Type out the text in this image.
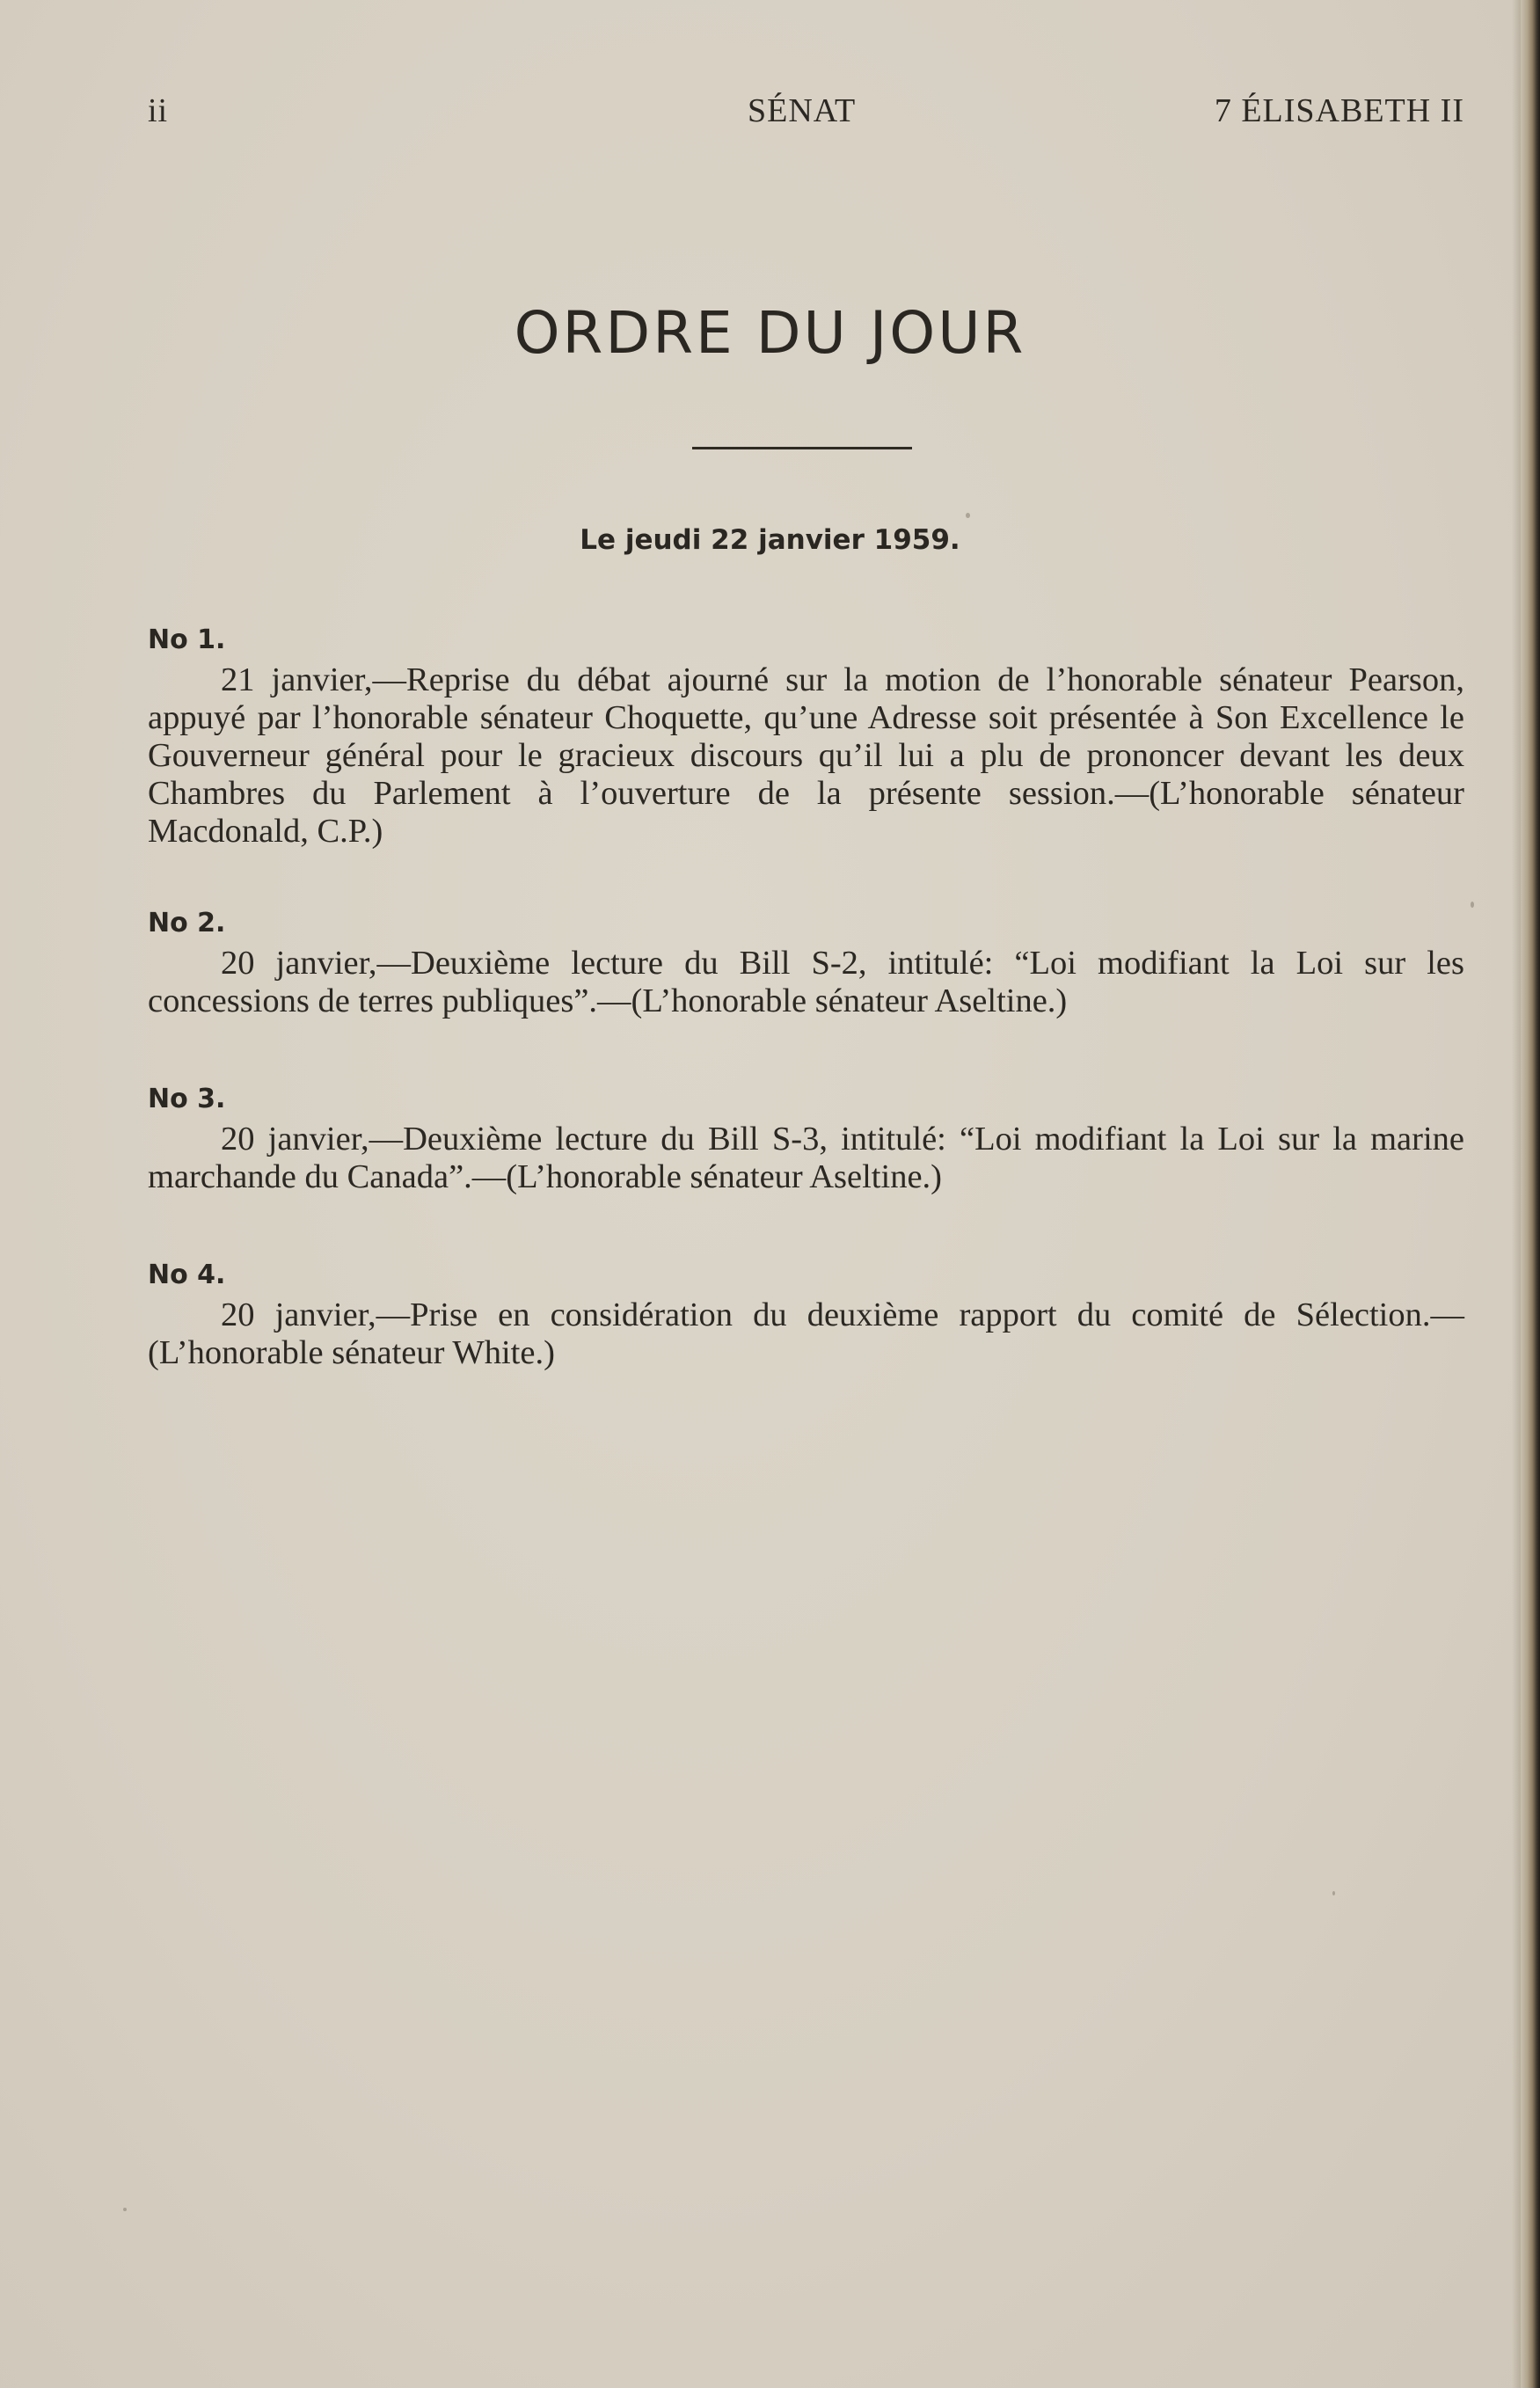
ii	SÉNAT	7 ÉLISABETH II
ORDRE DU JOUR
Le jeudi 22 janvier 1959.
No 1.

21 janvier,—Reprise du débat ajourné sur la motion de l’honorable sénateur Pearson, appuyé par l’honorable sénateur Choquette, qu’une Adresse soit présentée à Son Excellence le Gouverneur général pour le gracieux discours qu’il lui a plu de prononcer devant les deux Chambres du Parlement à l’ouverture de la présente session.—(L’honorable sénateur Macdonald, C.P.)

No 2.

20 janvier,—Deuxième lecture du Bill S-2, intitulé: “Loi modifiant la Loi sur les concessions de terres publiques”.—(L’honorable sénateur Aseltine.)

No 3.

20 janvier,—Deuxième lecture du Bill S-3, intitulé: “Loi modifiant la Loi sur la marine marchande du Canada”.—(L’honorable sénateur Aseltine.)

No 4.

20 janvier,—Prise en considération du deuxième rapport du comité de Sélection.—(L’honorable sénateur White.)
